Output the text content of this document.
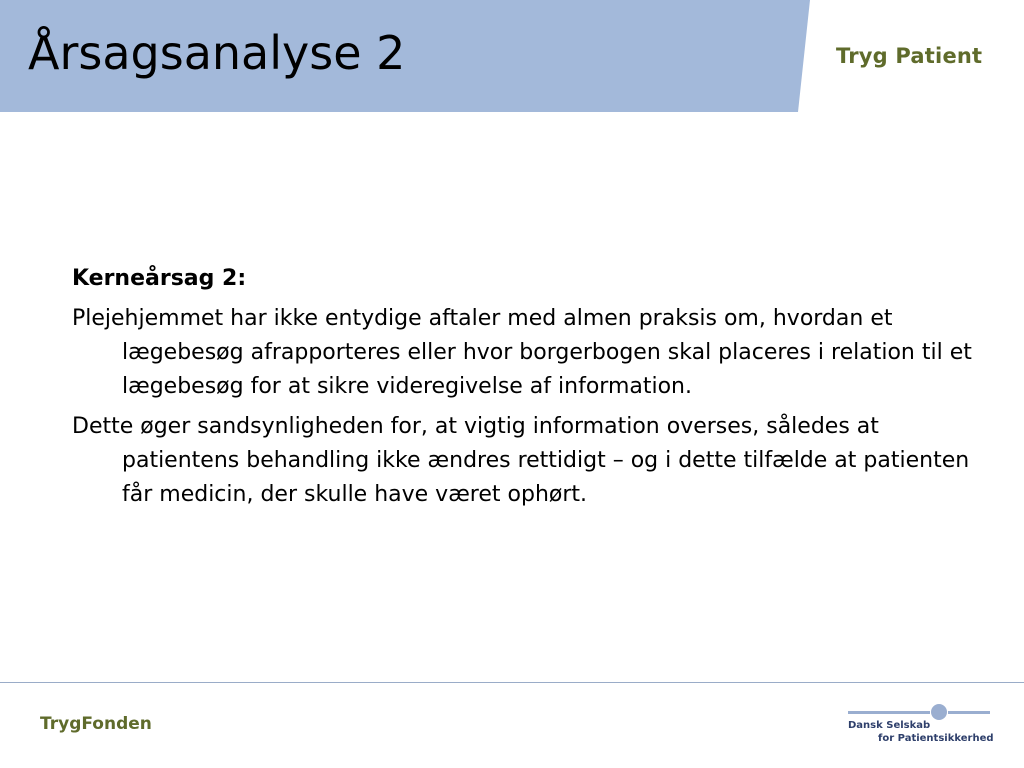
Årsagsanalyse 2	Tryg Patient

Kerneårsag 2:

Plejehjemmet har ikke entydige aftaler med almen praksis om, hvordan et lægebesøg afrapporteres eller hvor borgerbogen skal placeres i relation til et lægebesøg for at sikre videregivelse af information.

Dette øger sandsynligheden for, at vigtig information overses, således at patientens behandling ikke ændres rettidigt – og i dette tilfælde at patienten får medicin, der skulle have været ophørt.

TrygFonden	Dansk Selskab
for Patientsikkerhed
